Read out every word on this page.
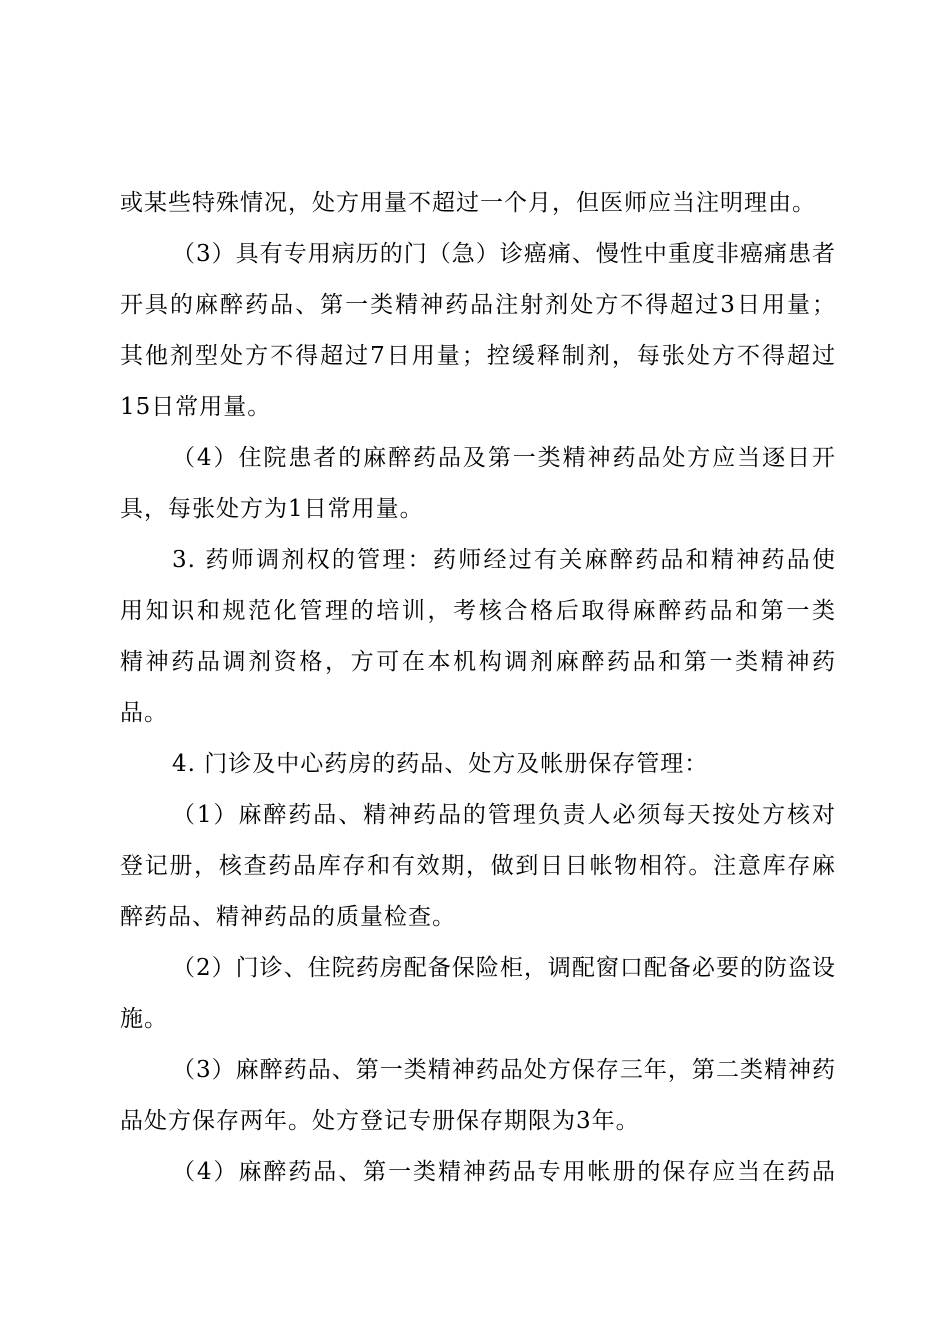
或某些特殊情况，处方用量不超过一个月，但医师应当注明理由。
（3）具有专用病历的门（急）诊癌痛、慢性中重度非癌痛患者
开具的麻醉药品、第一类精神药品注射剂处方不得超过3日用量；
其他剂型处方不得超过7日用量；控缓释制剂，每张处方不得超过
15日常用量。
（4）住院患者的麻醉药品及第一类精神药品处方应当逐日开
具，每张处方为1日常用量。
3. 药师调剂权的管理：药师经过有关麻醉药品和精神药品使
用知识和规范化管理的培训，考核合格后取得麻醉药品和第一类
精神药品调剂资格，方可在本机构调剂麻醉药品和第一类精神药
品。
4. 门诊及中心药房的药品、处方及帐册保存管理：
（1）麻醉药品、精神药品的管理负责人必须每天按处方核对
登记册，核查药品库存和有效期，做到日日帐物相符。注意库存麻
醉药品、精神药品的质量检查。
（2）门诊、住院药房配备保险柜，调配窗口配备必要的防盗设
施。
（3）麻醉药品、第一类精神药品处方保存三年，第二类精神药
品处方保存两年。处方登记专册保存期限为3年。
（4）麻醉药品、第一类精神药品专用帐册的保存应当在药品
